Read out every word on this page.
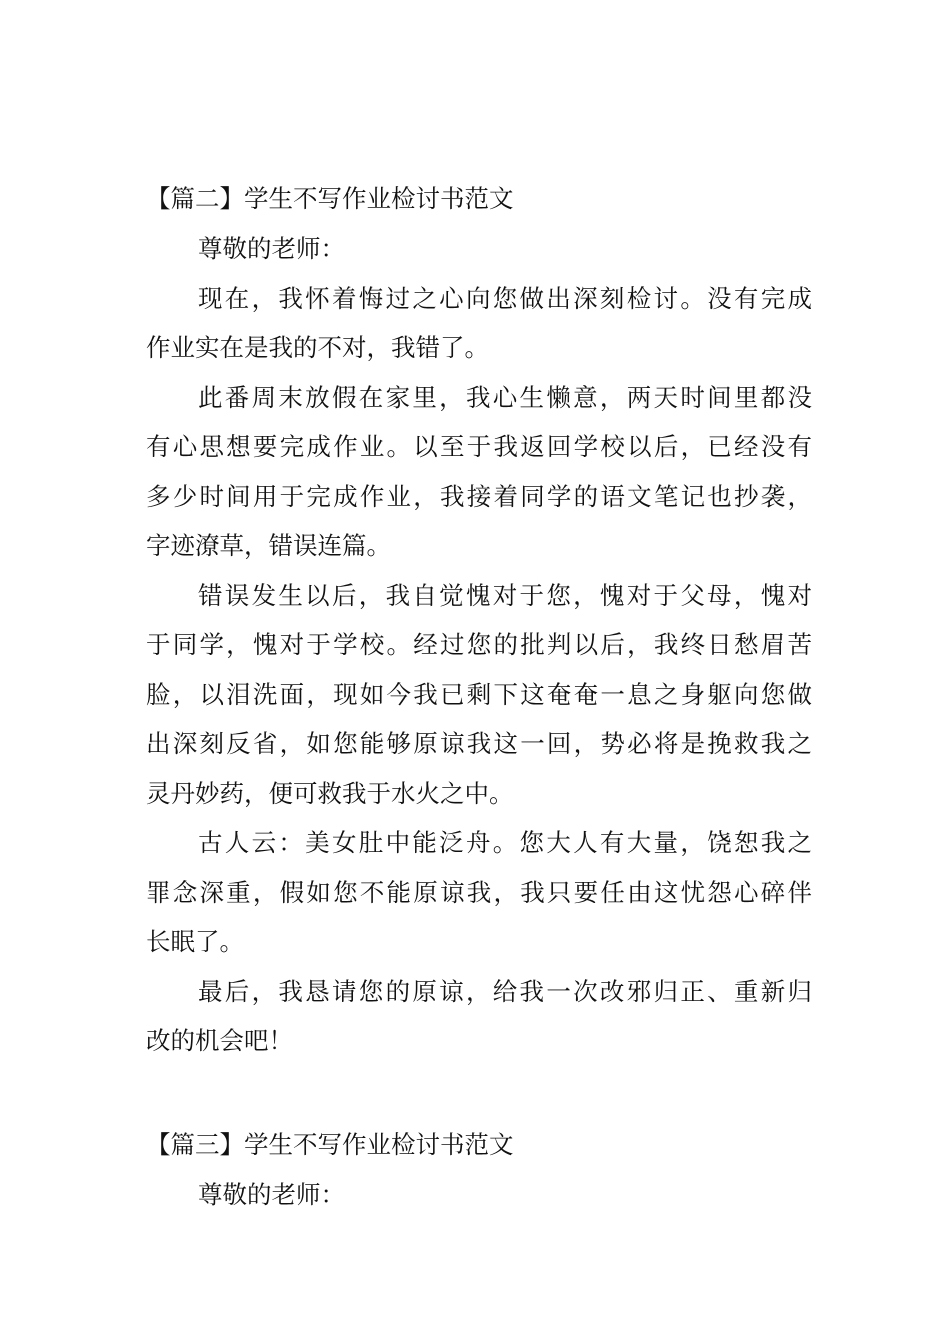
【篇二】学生不写作业检讨书范文
尊敬的老师：
现在，我怀着悔过之心向您做出深刻检讨。没有完成
作业实在是我的不对，我错了。
此番周末放假在家里，我心生懒意，两天时间里都没
有心思想要完成作业。以至于我返回学校以后，已经没有
多少时间用于完成作业，我接着同学的语文笔记也抄袭，
字迹潦草，错误连篇。
错误发生以后，我自觉愧对于您，愧对于父母，愧对
于同学，愧对于学校。经过您的批判以后，我终日愁眉苦
脸，以泪洗面，现如今我已剩下这奄奄一息之身躯向您做
出深刻反省，如您能够原谅我这一回，势必将是挽救我之
灵丹妙药，便可救我于水火之中。
古人云：美女肚中能泛舟。您大人有大量，饶恕我之
罪念深重，假如您不能原谅我，我只要任由这忧怨心碎伴
长眠了。
最后，我恳请您的原谅，给我一次改邪归正、重新归
改的机会吧！
【篇三】学生不写作业检讨书范文
尊敬的老师：
